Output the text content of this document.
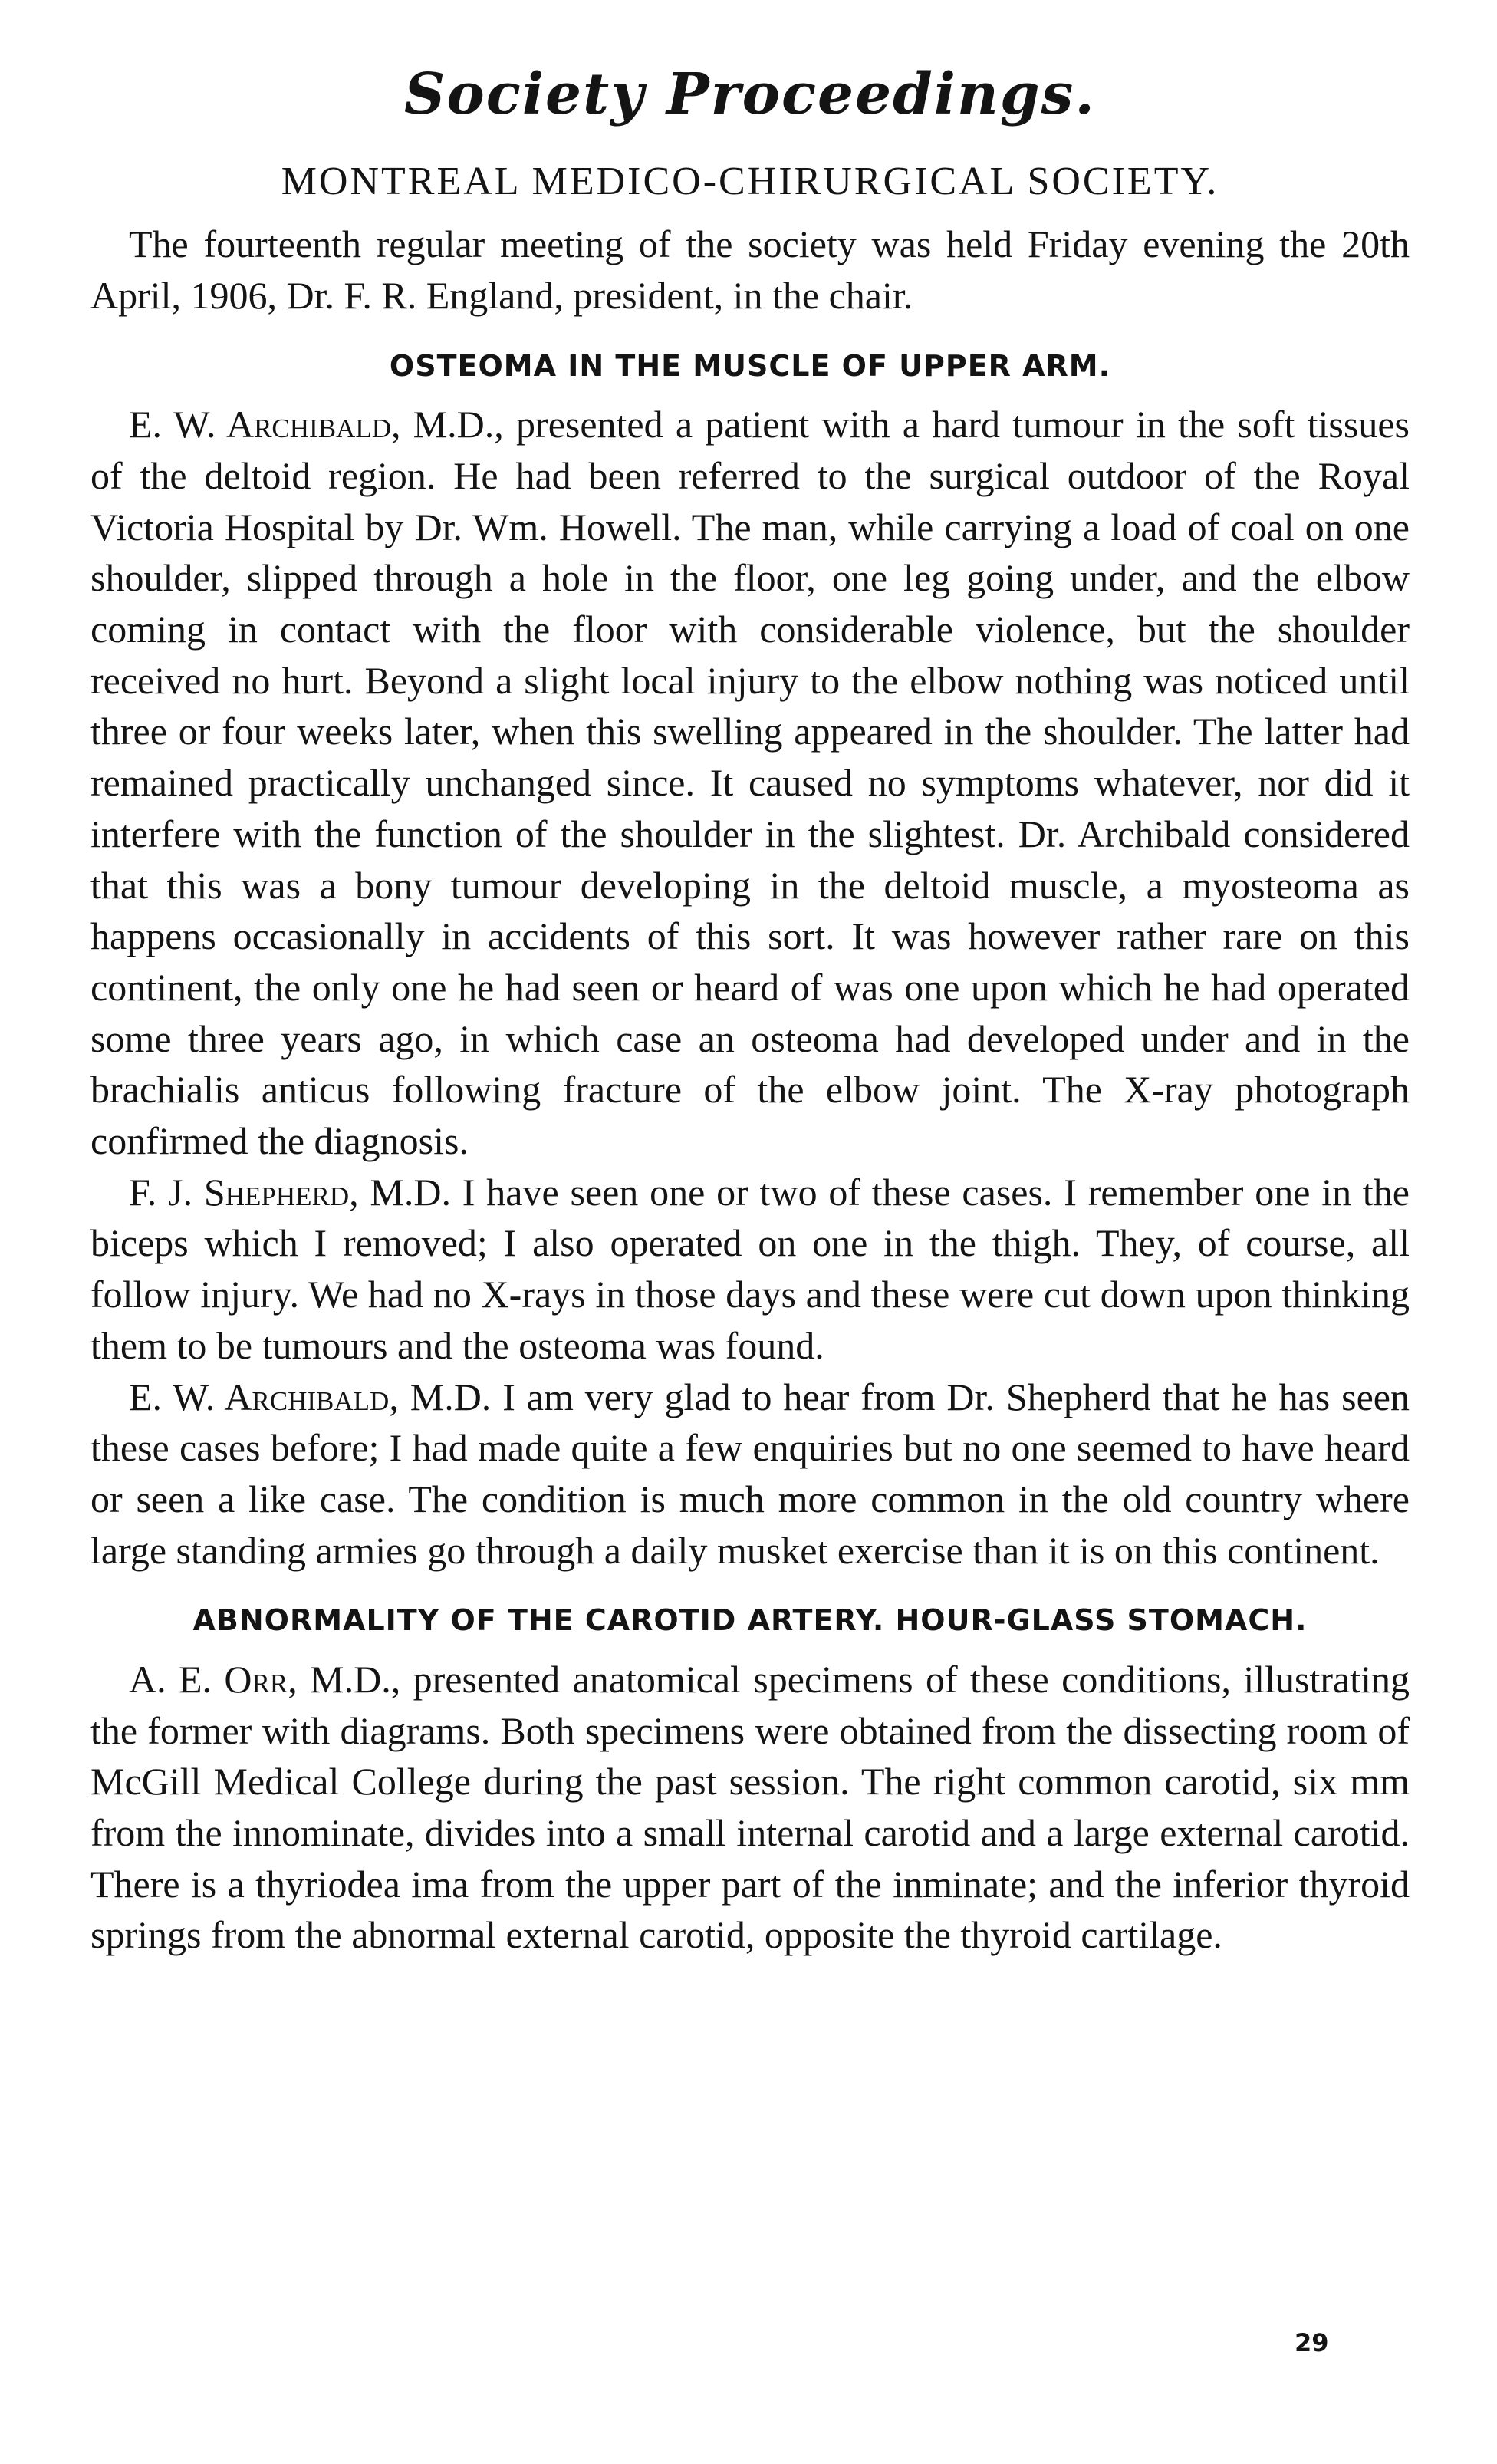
Society Proceedings.
MONTREAL MEDICO-CHIRURGICAL SOCIETY.

The fourteenth regular meeting of the society was held Friday evening the 20th April, 1906, Dr. F. R. England, president, in the chair.

OSTEOMA IN THE MUSCLE OF UPPER ARM.

E. W. Archibald, M.D., presented a patient with a hard tumour in the soft tissues of the deltoid region. He had been referred to the surgical outdoor of the Royal Victoria Hospital by Dr. Wm. Howell. The man, while carrying a load of coal on one shoulder, slipped through a hole in the floor, one leg going under, and the elbow coming in contact with the floor with considerable violence, but the shoulder received no hurt. Beyond a slight local injury to the elbow nothing was noticed until three or four weeks later, when this swelling appeared in the shoulder. The latter had remained practically unchanged since. It caused no symptoms whatever, nor did it interfere with the function of the shoulder in the slightest. Dr. Archibald considered that this was a bony tumour developing in the deltoid muscle, a myosteoma as happens occasionally in accidents of this sort. It was however rather rare on this continent, the only one he had seen or heard of was one upon which he had operated some three years ago, in which case an osteoma had developed under and in the brachialis anticus following fracture of the elbow joint. The X-ray photograph confirmed the diagnosis.

F. J. Shepherd, M.D. I have seen one or two of these cases. I remember one in the biceps which I removed; I also operated on one in the thigh. They, of course, all follow injury. We had no X-rays in those days and these were cut down upon thinking them to be tumours and the osteoma was found.

E. W. Archibald, M.D. I am very glad to hear from Dr. Shepherd that he has seen these cases before; I had made quite a few enquiries but no one seemed to have heard or seen a like case. The condition is much more common in the old country where large standing armies go through a daily musket exercise than it is on this continent.

ABNORMALITY OF THE CAROTID ARTERY. HOUR-GLASS STOMACH.

A. E. Orr, M.D., presented anatomical specimens of these conditions, illustrating the former with diagrams. Both specimens were obtained from the dissecting room of McGill Medical College during the past session. The right common carotid, six mm from the innominate, divides into a small internal carotid and a large external carotid. There is a thyriodea ima from the upper part of the inminate; and the inferior thyroid springs from the abnormal external carotid, opposite the thyroid cartilage.

29
